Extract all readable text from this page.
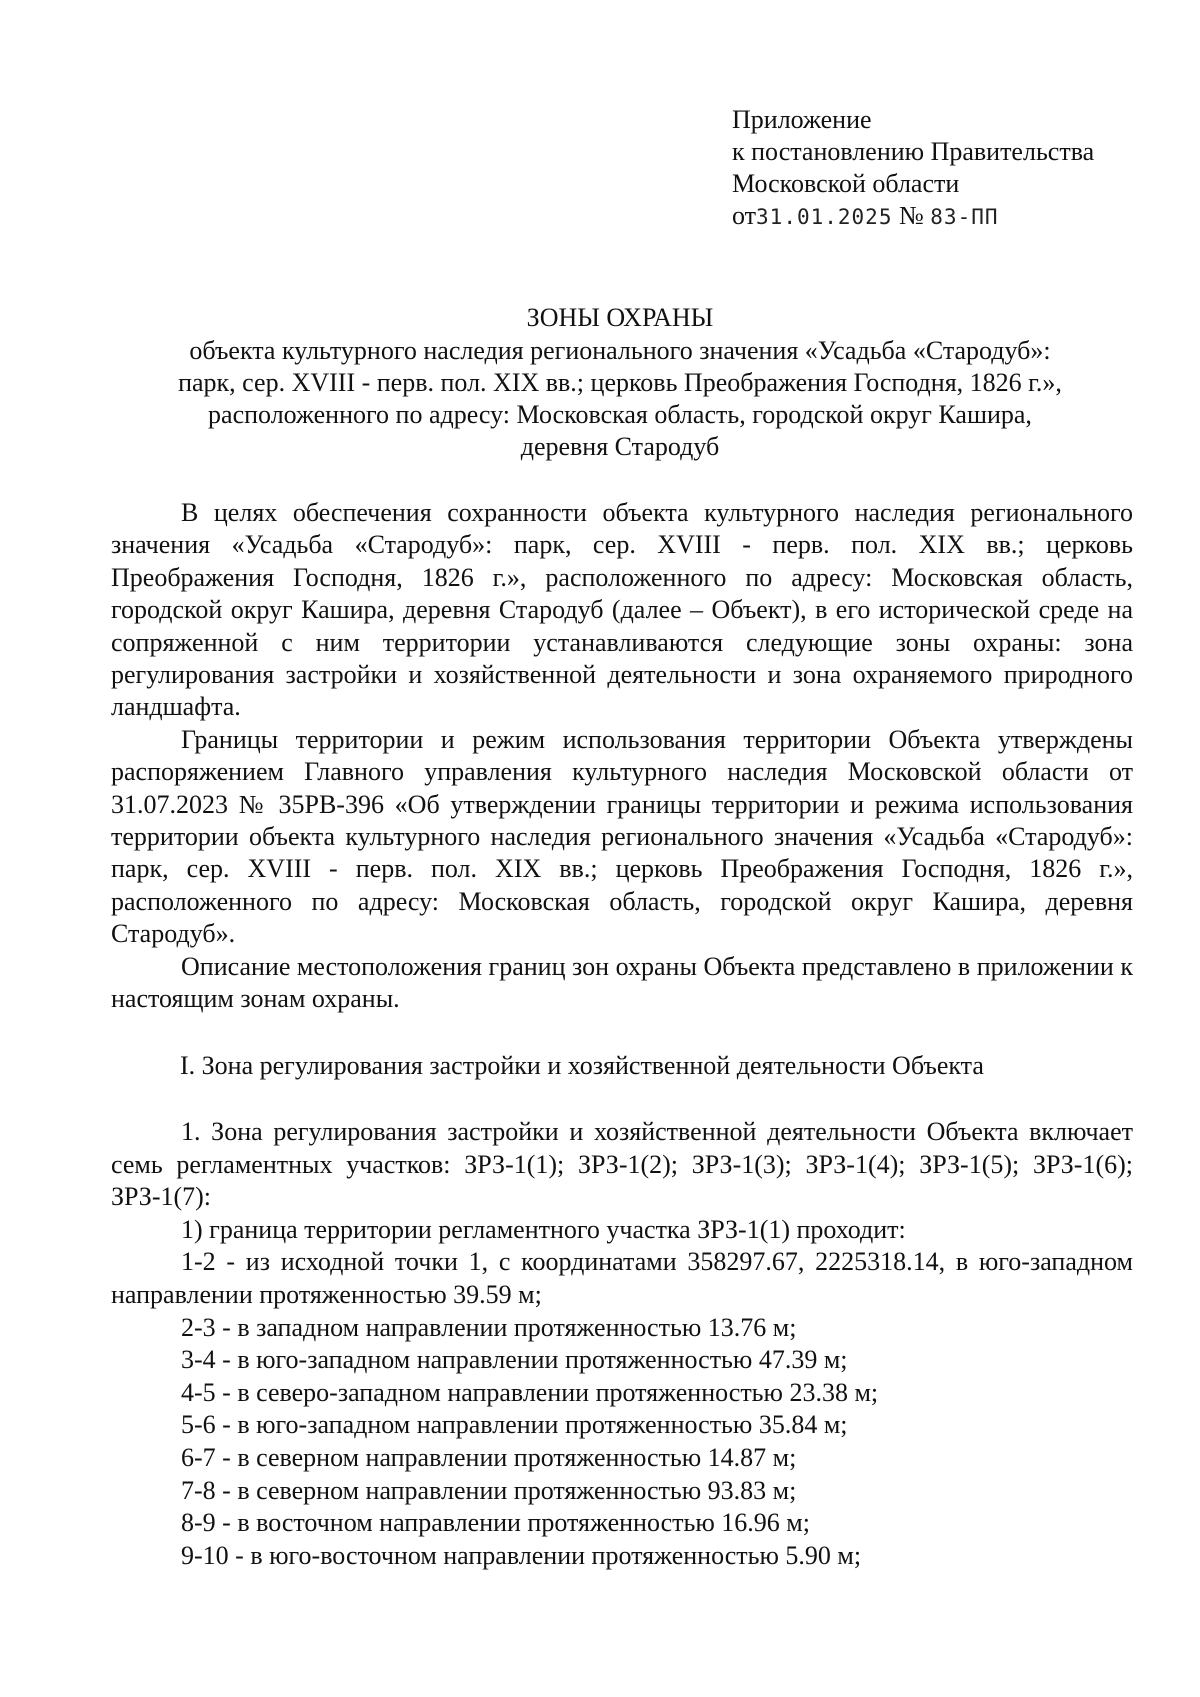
Приложение
к постановлению Правительства
Московской области
от31.01.2025 № 83-ПП
ЗОНЫ ОХРАНЫ
объекта культурного наследия регионального значения «Усадьба «Стародуб»:
парк, сер. XVIII - перв. пол. XIX вв.; церковь Преображения Господня, 1826 г.»,
расположенного по адресу: Московская область, городской округ Кашира,
деревня Стародуб

В целях обеспечения сохранности объекта культурного наследия регионального значения «Усадьба «Стародуб»: парк, сер. XVIII - перв. пол. XIX вв.; церковь Преображения Господня, 1826 г.», расположенного по адресу: Московская область, городской округ Кашира, деревня Стародуб (далее – Объект), в его исторической среде на сопряженной с ним территории устанавливаются следующие зоны охраны: зона регулирования застройки и хозяйственной деятельности и зона охраняемого природного ландшафта.

Границы территории и режим использования территории Объекта утверждены распоряжением Главного управления культурного наследия Московской области от 31.07.2023 № 35РВ-396 «Об утверждении границы территории и режима использования территории объекта культурного наследия регионального значения «Усадьба «Стародуб»: парк, сер. XVIII - перв. пол. XIX вв.; церковь Преображения Господня, 1826 г.», расположенного по адресу: Московская область, городской округ Кашира, деревня Стародуб».

Описание местоположения границ зон охраны Объекта представлено в приложении к настоящим зонам охраны.

I. Зона регулирования застройки и хозяйственной деятельности Объекта

1. Зона регулирования застройки и хозяйственной деятельности Объекта включает семь регламентных участков: ЗРЗ-1(1); ЗРЗ-1(2); ЗРЗ-1(3); ЗРЗ-1(4); ЗРЗ-1(5); ЗРЗ-1(6); ЗРЗ-1(7):

1) граница территории регламентного участка ЗРЗ-1(1) проходит:

1-2 - из исходной точки 1, с координатами 358297.67, 2225318.14, в юго-западном направлении протяженностью 39.59 м;

2-3 - в западном направлении протяженностью 13.76 м;
3-4 - в юго-западном направлении протяженностью 47.39 м;
4-5 - в северо-западном направлении протяженностью 23.38 м;
5-6 - в юго-западном направлении протяженностью 35.84 м;
6-7 - в северном направлении протяженностью 14.87 м;
7-8 - в северном направлении протяженностью 93.83 м;
8-9 - в восточном направлении протяженностью 16.96 м;
9-10 - в юго-восточном направлении протяженностью 5.90 м;
